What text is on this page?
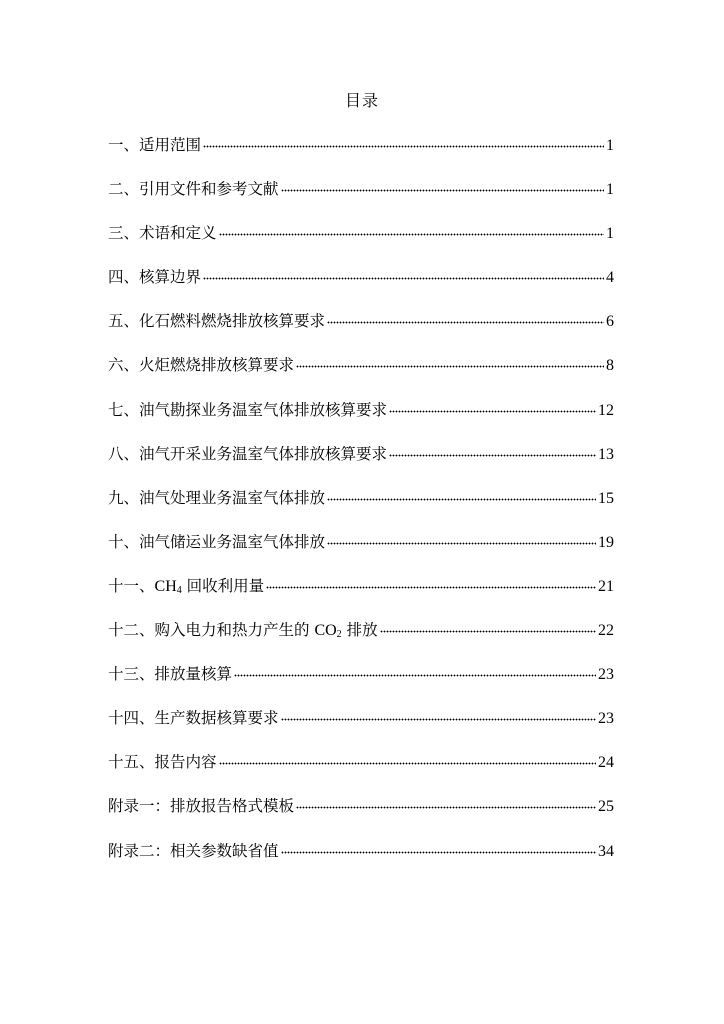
目录
一、适用范围	1
二、引用文件和参考文献	1
三、术语和定义	1
四、核算边界	4
五、化石燃料燃烧排放核算要求	6
六、火炬燃烧排放核算要求	8
七、油气勘探业务温室气体排放核算要求	12
八、油气开采业务温室气体排放核算要求	13
九、油气处理业务温室气体排放	15
十、油气储运业务温室气体排放	19
十一、$CH_4$ 回收利用量	21
十二、购入电力和热力产生的 $CO_2$ 排放	22
十三、排放量核算	23
十四、生产数据核算要求	23
十五、报告内容	24
附录一：排放报告格式模板	25
附录二：相关参数缺省值	34
